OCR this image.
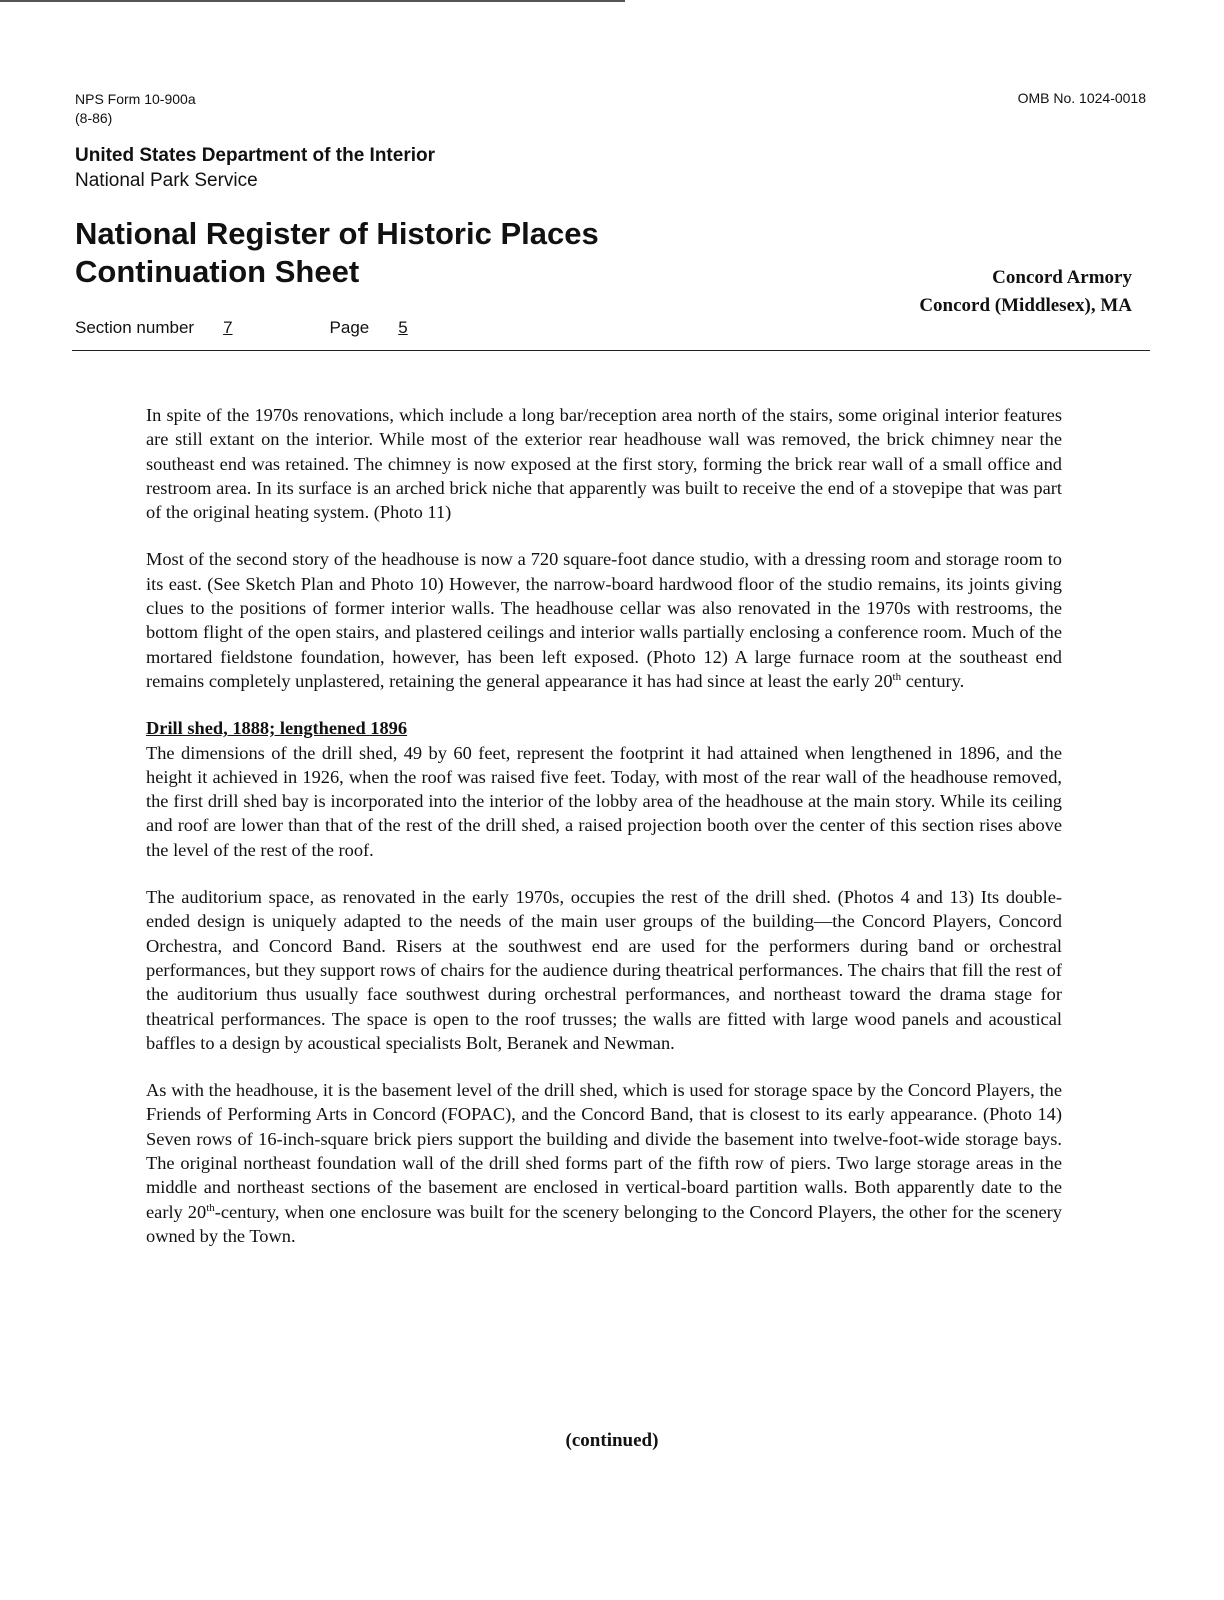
NPS Form 10-900a
(8-86)
OMB No. 1024-0018
United States Department of the Interior
National Park Service
National Register of Historic Places
Continuation Sheet	Concord Armory
Concord (Middlesex), MA
Section number 7	Page 5

In spite of the 1970s renovations, which include a long bar/reception area north of the stairs, some original interior features are still extant on the interior. While most of the exterior rear headhouse wall was removed, the brick chimney near the southeast end was retained. The chimney is now exposed at the first story, forming the brick rear wall of a small office and restroom area. In its surface is an arched brick niche that apparently was built to receive the end of a stovepipe that was part of the original heating system. (Photo 11)

Most of the second story of the headhouse is now a 720 square-foot dance studio, with a dressing room and storage room to its east. (See Sketch Plan and Photo 10) However, the narrow-board hardwood floor of the studio remains, its joints giving clues to the positions of former interior walls. The headhouse cellar was also renovated in the 1970s with restrooms, the bottom flight of the open stairs, and plastered ceilings and interior walls partially enclosing a conference room. Much of the mortared fieldstone foundation, however, has been left exposed. (Photo 12) A large furnace room at the southeast end remains completely unplastered, retaining the general appearance it has had since at least the early 20th century.

Drill shed, 1888; lengthened 1896
The dimensions of the drill shed, 49 by 60 feet, represent the footprint it had attained when lengthened in 1896, and the height it achieved in 1926, when the roof was raised five feet. Today, with most of the rear wall of the headhouse removed, the first drill shed bay is incorporated into the interior of the lobby area of the headhouse at the main story. While its ceiling and roof are lower than that of the rest of the drill shed, a raised projection booth over the center of this section rises above the level of the rest of the roof.

The auditorium space, as renovated in the early 1970s, occupies the rest of the drill shed. (Photos 4 and 13) Its double-ended design is uniquely adapted to the needs of the main user groups of the building—the Concord Players, Concord Orchestra, and Concord Band. Risers at the southwest end are used for the performers during band or orchestral performances, but they support rows of chairs for the audience during theatrical performances. The chairs that fill the rest of the auditorium thus usually face southwest during orchestral performances, and northeast toward the drama stage for theatrical performances. The space is open to the roof trusses; the walls are fitted with large wood panels and acoustical baffles to a design by acoustical specialists Bolt, Beranek and Newman.

As with the headhouse, it is the basement level of the drill shed, which is used for storage space by the Concord Players, the Friends of Performing Arts in Concord (FOPAC), and the Concord Band, that is closest to its early appearance. (Photo 14) Seven rows of 16-inch-square brick piers support the building and divide the basement into twelve-foot-wide storage bays. The original northeast foundation wall of the drill shed forms part of the fifth row of piers. Two large storage areas in the middle and northeast sections of the basement are enclosed in vertical-board partition walls. Both apparently date to the early 20th-century, when one enclosure was built for the scenery belonging to the Concord Players, the other for the scenery owned by the Town.

(continued)
